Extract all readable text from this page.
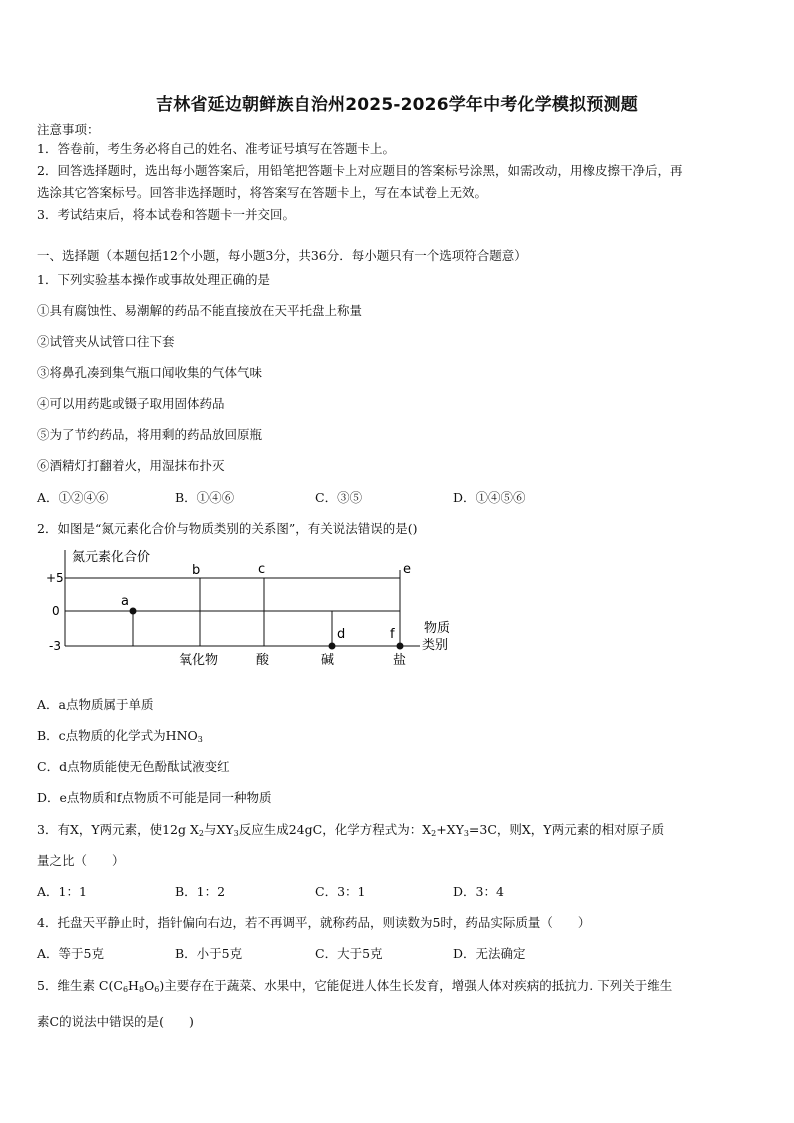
吉林省延边朝鲜族自治州2025-2026学年中考化学模拟预测题
注意事项：
1．答卷前，考生务必将自己的姓名、准考证号填写在答题卡上。
2．回答选择题时，选出每小题答案后，用铅笔把答题卡上对应题目的答案标号涂黑，如需改动，用橡皮擦干净后，再
选涂其它答案标号。回答非选择题时，将答案写在答题卡上，写在本试卷上无效。
3．考试结束后，将本试卷和答题卡一并交回。
一、选择题（本题包括12个小题，每小题3分，共36分．每小题只有一个选项符合题意）
1．下列实验基本操作或事故处理正确的是
①具有腐蚀性、易潮解的药品不能直接放在天平托盘上称量
②试管夹从试管口往下套
③将鼻孔凑到集气瓶口闻收集的气体气味
④可以用药匙或镊子取用固体药品
⑤为了节约药品，将用剩的药品放回原瓶
⑥酒精灯打翻着火，用湿抹布扑灭
A．①②④⑥	B．①④⑥	C．③⑤	D．①④⑤⑥
2．如图是“氮元素化合价与物质类别的关系图”，有关说法错误的是()
氮元素化合价
+5
0
-3
物质
类别
氧化物	酸	碱	盐
a
b	c
d
e
f
A．a点物质属于单质
B．c点物质的化学式为$HNO_3$
C．d点物质能使无色酚酞试液变红
D．e点物质和f点物质不可能是同一种物质
3．有X，Y两元素，使12g $X_2$与$XY_3$反应生成24gC，化学方程式为：$X_2+XY_3=3C$，则X，Y两元素的相对原子质
量之比（　　）
A．1：1	B．1：2	C．3：1	D．3：4
4．托盘天平静止时，指针偏向右边，若不再调平，就称药品，则读数为5时，药品实际质量（　　）
A．等于5克	B．小于5克	C．大于5克	D．无法确定
5．维生素 $C(C_6H_8O_6)$主要存在于蔬菜、水果中，它能促进人体生长发育，增强人体对疾病的抵抗力. 下列关于维生
素C的说法中错误的是(　　)
